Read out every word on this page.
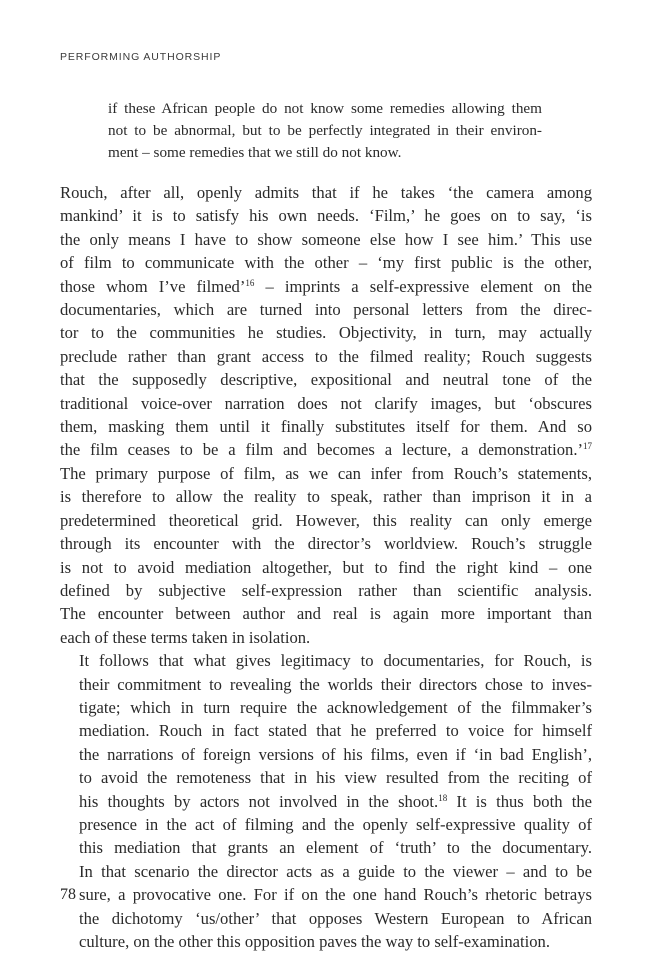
PERFORMING AUTHORSHIP
if these African people do not know some remedies allowing them
not to be abnormal, but to be perfectly integrated in their environ-
ment – some remedies that we still do not know.

Rouch, after all, openly admits that if he takes ‘the camera among
mankind’ it is to satisfy his own needs. ‘Film,’ he goes on to say, ‘is
the only means I have to show someone else how I see him.’ This use
of film to communicate with the other – ‘my first public is the other,
those whom I’ve filmed’$^{16}$ – imprints a self-expressive element on the
documentaries, which are turned into personal letters from the direc-
tor to the communities he studies. Objectivity, in turn, may actually
preclude rather than grant access to the filmed reality; Rouch suggests
that the supposedly descriptive, expositional and neutral tone of the
traditional voice-over narration does not clarify images, but ‘obscures
them, masking them until it finally substitutes itself for them. And so
the film ceases to be a film and becomes a lecture, a demonstration.’$^{17}$
The primary purpose of film, as we can infer from Rouch’s statements,
is therefore to allow the reality to speak, rather than imprison it in a
predetermined theoretical grid. However, this reality can only emerge
through its encounter with the director’s worldview. Rouch’s struggle
is not to avoid mediation altogether, but to find the right kind – one
defined by subjective self-expression rather than scientific analysis.
The encounter between author and real is again more important than
each of these terms taken in isolation.

It follows that what gives legitimacy to documentaries, for Rouch, is
their commitment to revealing the worlds their directors chose to inves-
tigate; which in turn require the acknowledgement of the filmmaker’s
mediation. Rouch in fact stated that he preferred to voice for himself
the narrations of foreign versions of his films, even if ‘in bad English’,
to avoid the remoteness that in his view resulted from the reciting of
his thoughts by actors not involved in the shoot.$^{18}$ It is thus both the
presence in the act of filming and the openly self-expressive quality of
this mediation that grants an element of ‘truth’ to the documentary.
In that scenario the director acts as a guide to the viewer – and to be
sure, a provocative one. For if on the one hand Rouch’s rhetoric betrays
the dichotomy ‘us/other’ that opposes Western European to African
culture, on the other this opposition paves the way to self-examination.

78
